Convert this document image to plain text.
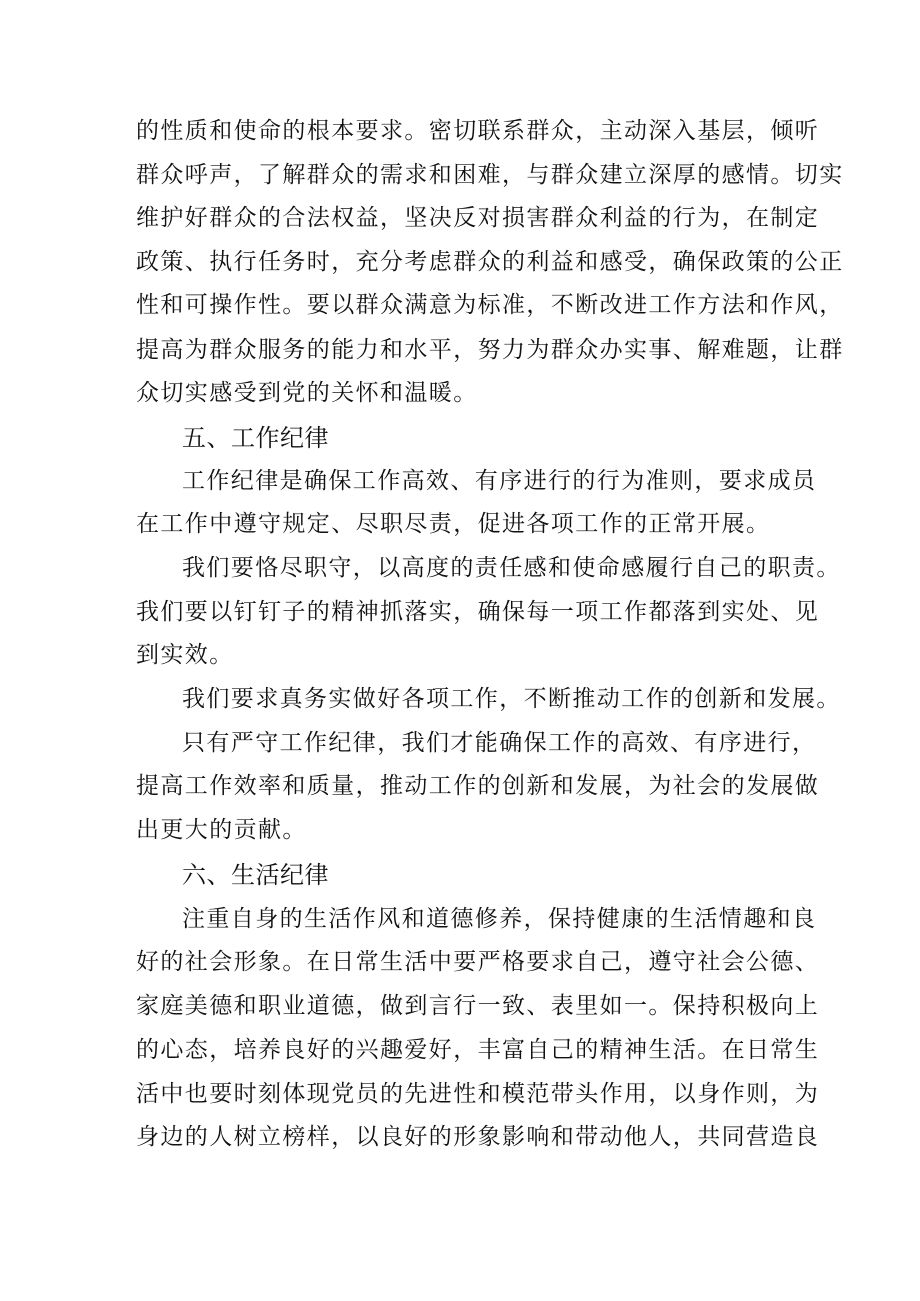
的性质和使命的根本要求。密切联系群众，主动深入基层，倾听
群众呼声，了解群众的需求和困难，与群众建立深厚的感情。切实
维护好群众的合法权益，坚决反对损害群众利益的行为，在制定
政策、执行任务时，充分考虑群众的利益和感受，确保政策的公正
性和可操作性。要以群众满意为标准，不断改进工作方法和作风，
提高为群众服务的能力和水平，努力为群众办实事、解难题，让群
众切实感受到党的关怀和温暖。
五、工作纪律
工作纪律是确保工作高效、有序进行的行为准则，要求成员
在工作中遵守规定、尽职尽责，促进各项工作的正常开展。
我们要恪尽职守，以高度的责任感和使命感履行自己的职责。
我们要以钉钉子的精神抓落实，确保每一项工作都落到实处、见
到实效。
我们要求真务实做好各项工作，不断推动工作的创新和发展。
只有严守工作纪律，我们才能确保工作的高效、有序进行，
提高工作效率和质量，推动工作的创新和发展，为社会的发展做
出更大的贡献。
六、生活纪律
注重自身的生活作风和道德修养，保持健康的生活情趣和良
好的社会形象。在日常生活中要严格要求自己，遵守社会公德、
家庭美德和职业道德，做到言行一致、表里如一。保持积极向上
的心态，培养良好的兴趣爱好，丰富自己的精神生活。在日常生
活中也要时刻体现党员的先进性和模范带头作用，以身作则，为
身边的人树立榜样，以良好的形象影响和带动他人，共同营造良
